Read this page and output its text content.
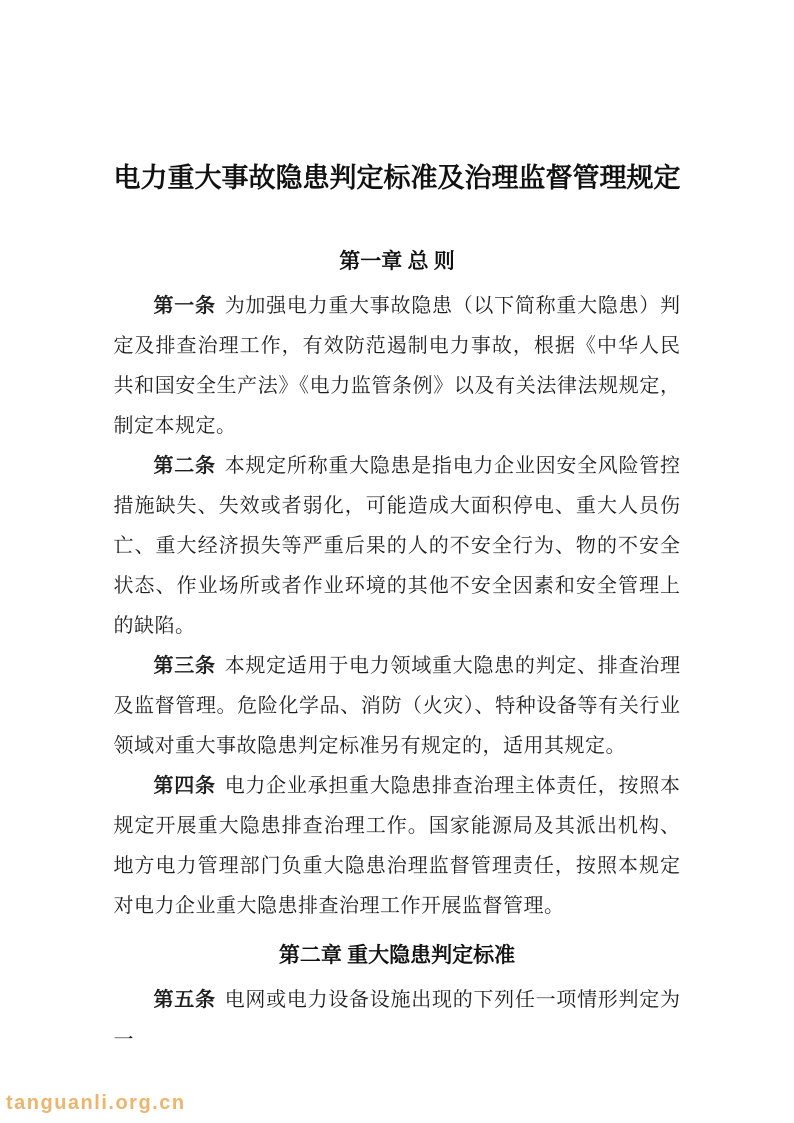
电力重大事故隐患判定标准及治理监督管理规定
第一章 总 则

第一条 为加强电力重大事故隐患（以下简称重大隐患）判定及排查治理工作，有效防范遏制电力事故，根据《中华人民共和国安全生产法》《电力监管条例》以及有关法律法规规定，制定本规定。

第二条 本规定所称重大隐患是指电力企业因安全风险管控措施缺失、失效或者弱化，可能造成大面积停电、重大人员伤亡、重大经济损失等严重后果的人的不安全行为、物的不安全状态、作业场所或者作业环境的其他不安全因素和安全管理上的缺陷。

第三条 本规定适用于电力领域重大隐患的判定、排查治理及监督管理。危险化学品、消防（火灾）、特种设备等有关行业领域对重大事故隐患判定标准另有规定的，适用其规定。

第四条 电力企业承担重大隐患排查治理主体责任，按照本规定开展重大隐患排查治理工作。国家能源局及其派出机构、地方电力管理部门负重大隐患治理监督管理责任，按照本规定对电力企业重大隐患排查治理工作开展监督管理。

第二章 重大隐患判定标准

第五条 电网或电力设备设施出现的下列任一项情形判定为一

tanguanli.org.cn
